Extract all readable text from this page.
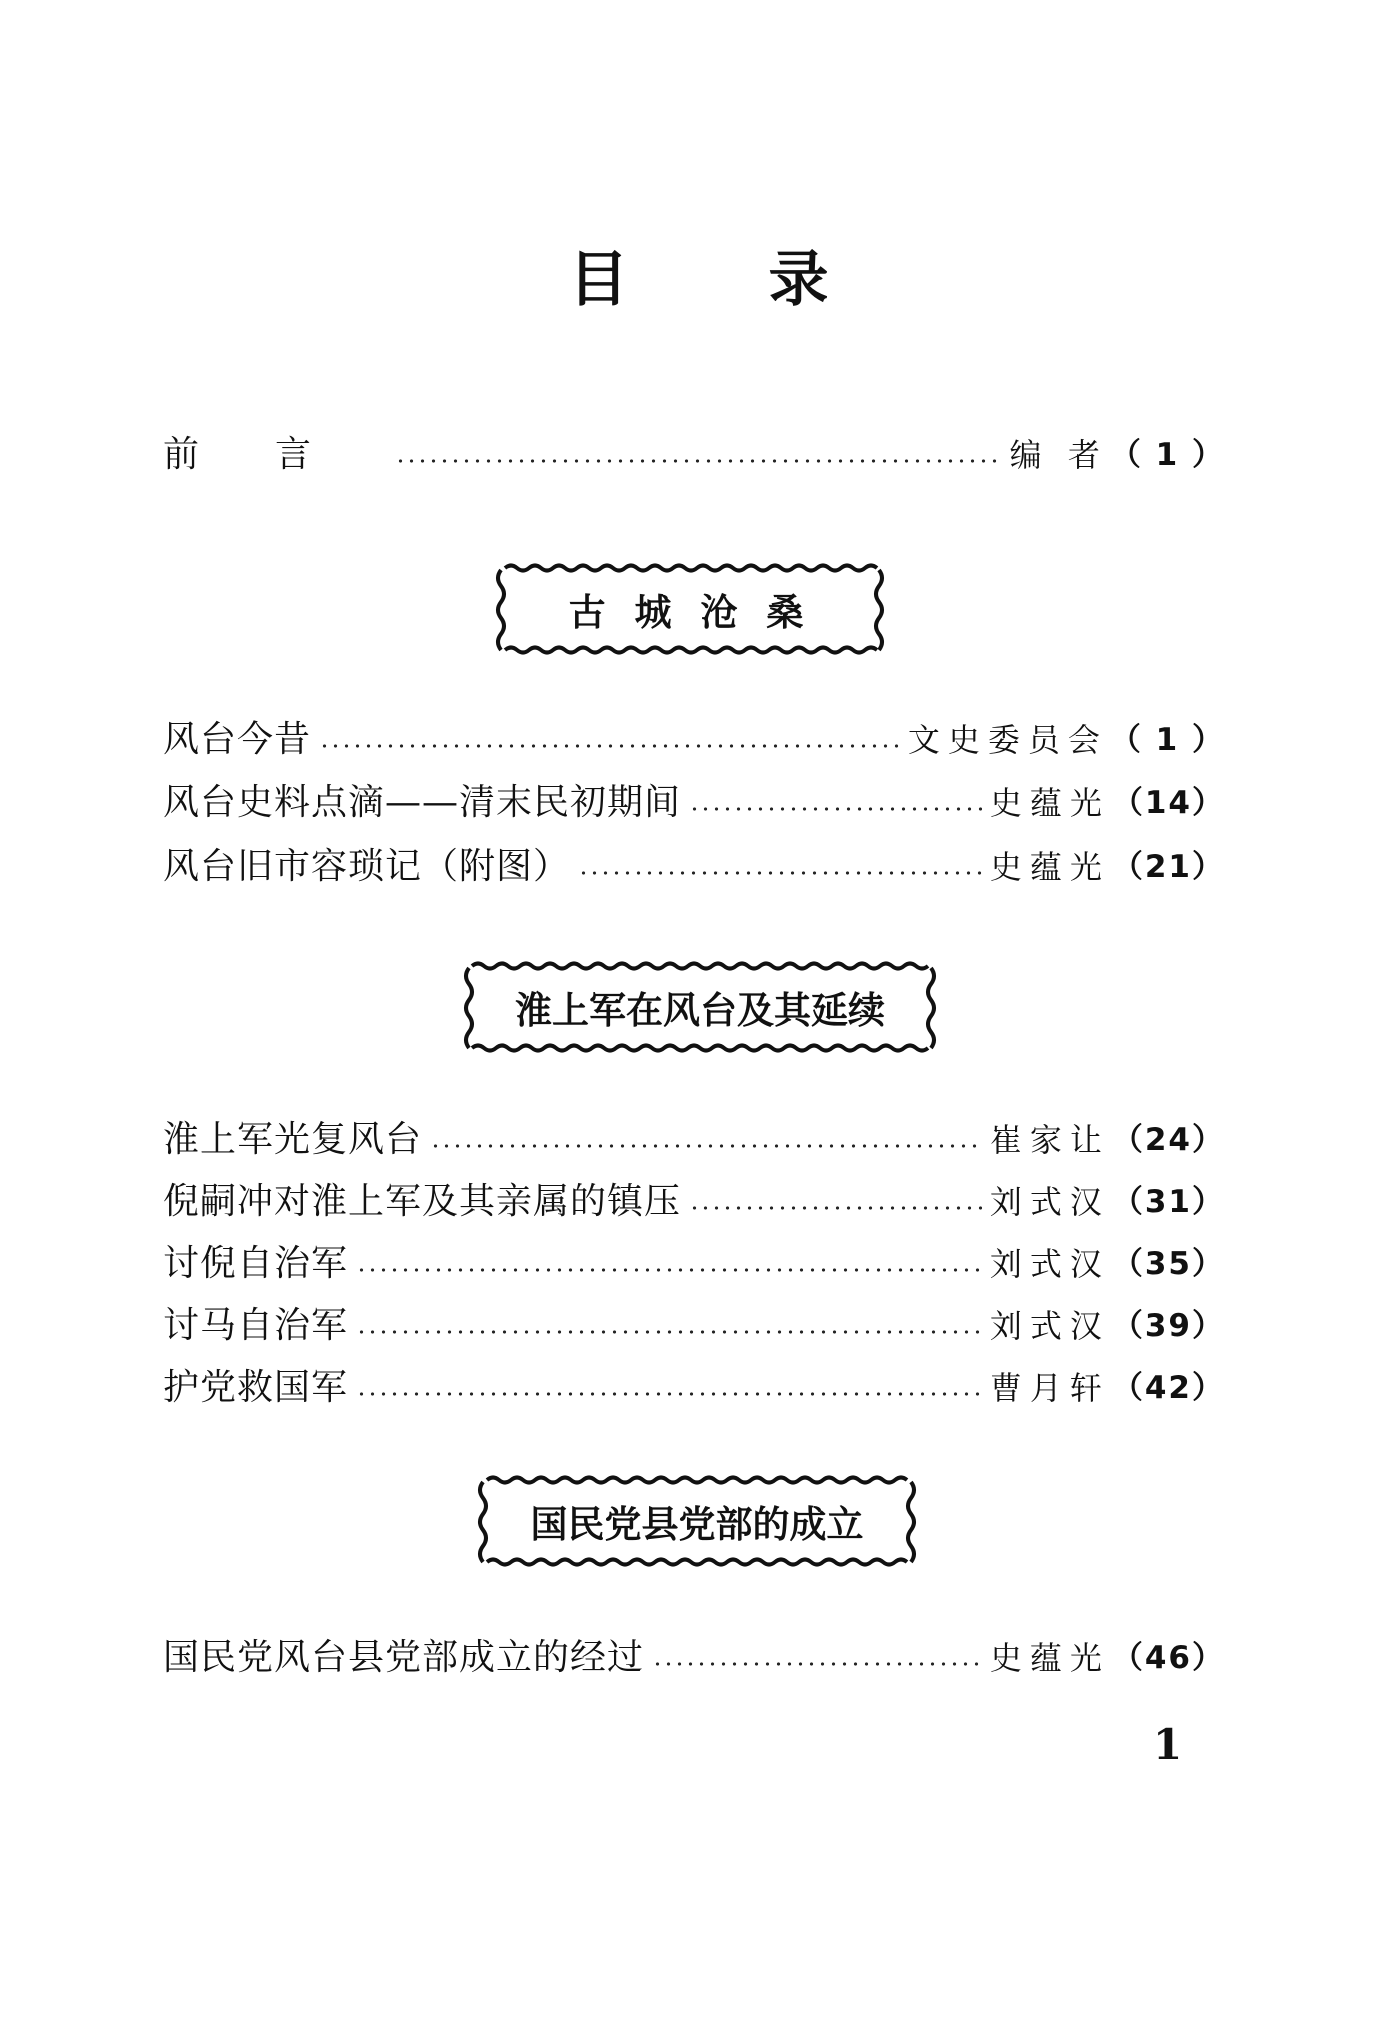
目录
前言	编 者 （ 1 ）
古 城 沧 桑
风台今昔	文史委员会 （ 1 ）
风台史料点滴——清末民初期间	史蕴光 （14）
风台旧市容琐记（附图）	史蕴光 （21）
淮上军在风台及其延续
淮上军光复风台	崔家让 （24）
倪嗣冲对淮上军及其亲属的镇压	刘式汉 （31）
讨倪自治军	刘式汉 （35）
讨马自治军	刘式汉 （39）
护党救国军	曹月轩 （42）
国民党县党部的成立
国民党风台县党部成立的经过	史蕴光 （46）
1
